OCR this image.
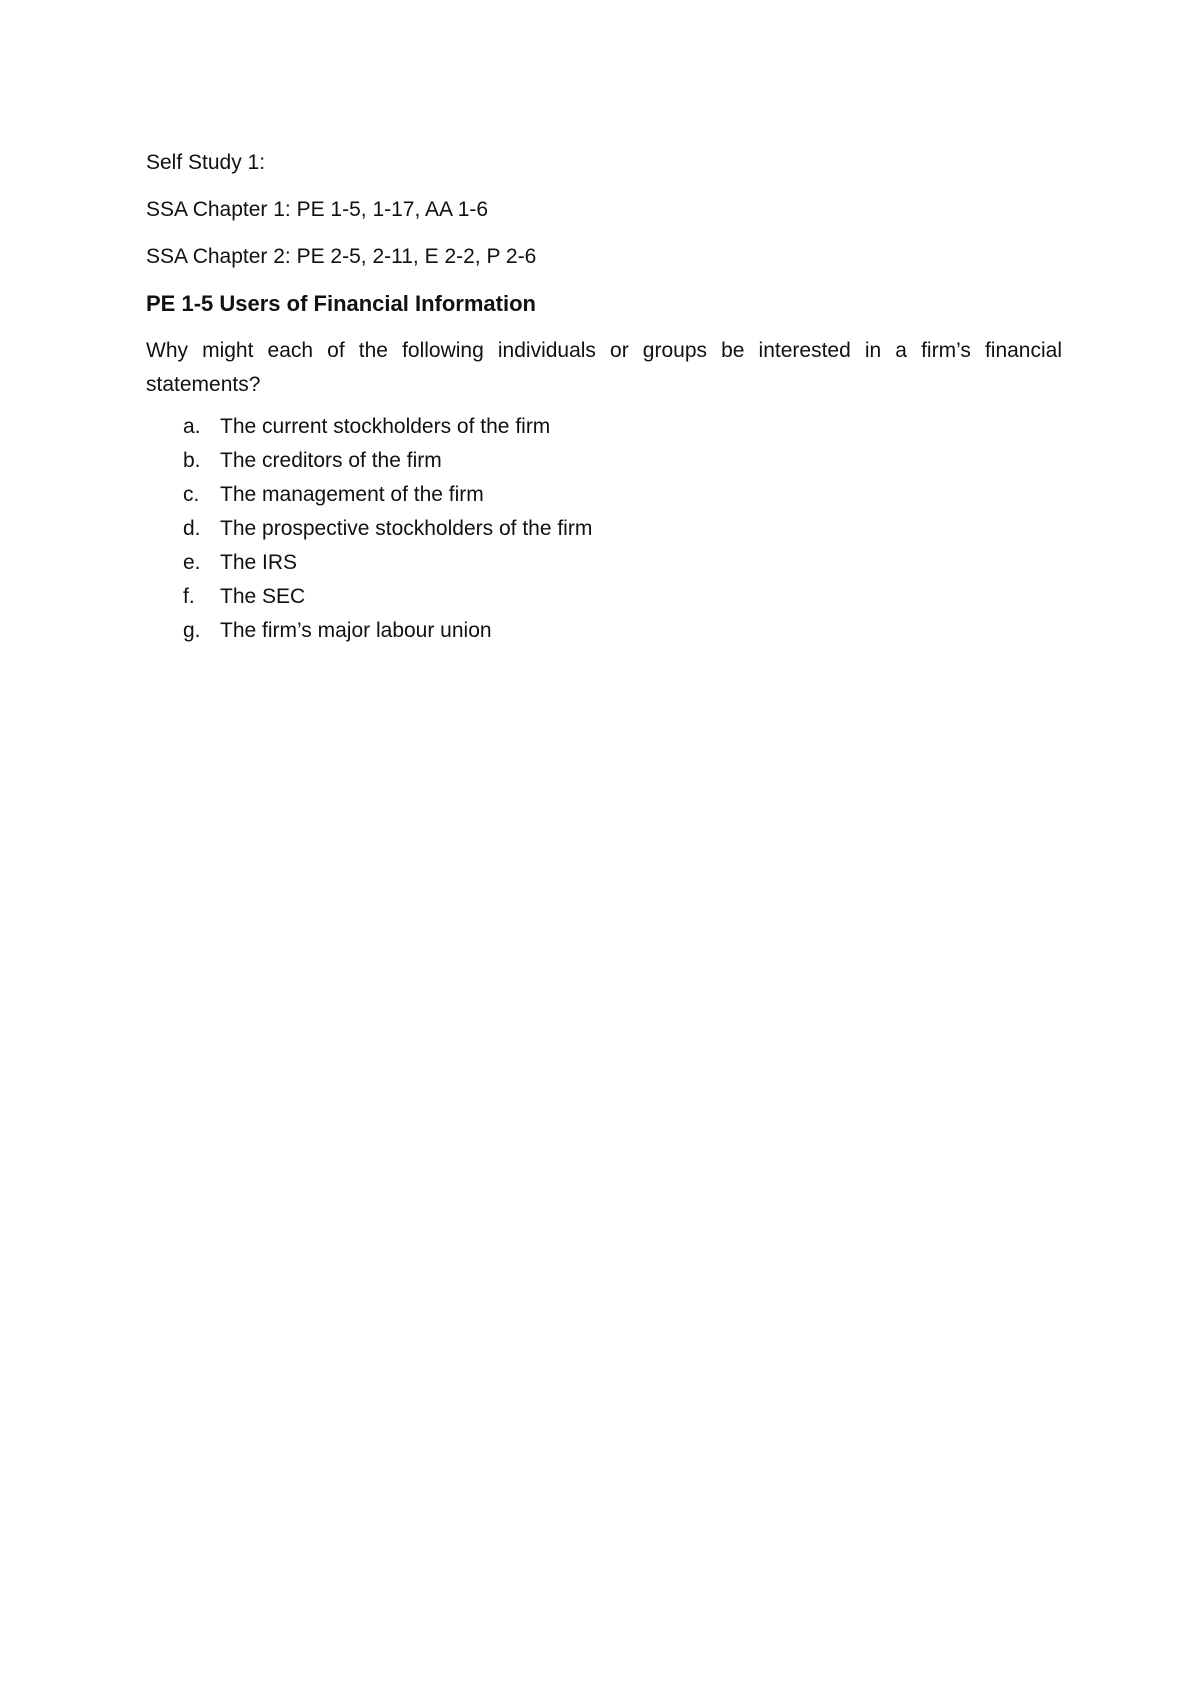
Self Study 1:

SSA Chapter 1: PE 1-5, 1-17, AA 1-6

SSA Chapter 2: PE 2-5, 2-11, E 2-2, P 2-6

PE 1-5 Users of Financial Information

Why might each of the following individuals or groups be interested in a firm’s financial statements?

a. The current stockholders of the firm
b. The creditors of the firm
c. The management of the firm
d. The prospective stockholders of the firm
e. The IRS
f.	The SEC
g. The firm’s major labour union
